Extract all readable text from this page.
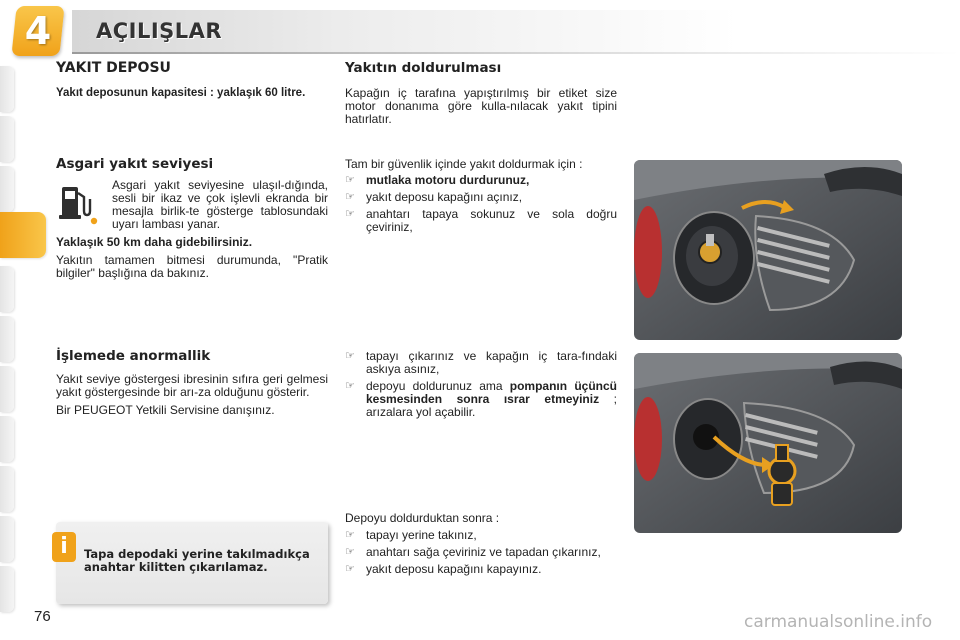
4	AÇILIŞLAR
YAKIT DEPOSU

Yakıt deposunun kapasitesi : yaklaşık 60 litre.

Asgari yakıt seviyesi

Asgari yakıt seviyesine ulaşıl-dığında, sesli bir ikaz ve çok işlevli ekranda bir mesajla birlik-te gösterge tablosundaki uyarı lambası yanar.

Yaklaşık 50 km daha gidebilirsiniz.

Yakıtın tamamen bitmesi durumunda, "Pratik bilgiler" başlığına da bakınız.

İşlemede anormallik

Yakıt seviye göstergesi ibresinin sıfıra geri gelmesi yakıt göstergesinde bir arı-za olduğunu gösterir.

Bir PEUGEOT Yetkili Servisine danışınız.

i	Tapa depodaki yerine takılmadıkça anahtar kilitten çıkarılamaz.
Yakıtın doldurulması

Kapağın iç tarafına yapıştırılmış bir etiket size motor donanıma göre kulla-nılacak yakıt tipini hatırlatır.

Tam bir güvenlik içinde yakıt doldurmak için :

☞ mutlaka motoru durdurunuz,
☞ yakıt deposu kapağını açınız,
☞ anahtarı tapaya sokunuz ve sola doğru çeviriniz,
☞ tapayı çıkarınız ve kapağın iç tara-fındaki askıya asınız,
☞ depoyu doldurunuz ama pompanın üçüncü kesmesinden sonra ısrar etmeyiniz ; arızalara yol açabilir.

Depoyu doldurduktan sonra :

☞ tapayı yerine takınız,
☞ anahtarı sağa çeviriniz ve tapadan çıkarınız,
☞ yakıt deposu kapağını kapayınız.
76	carmanualsonline.info
